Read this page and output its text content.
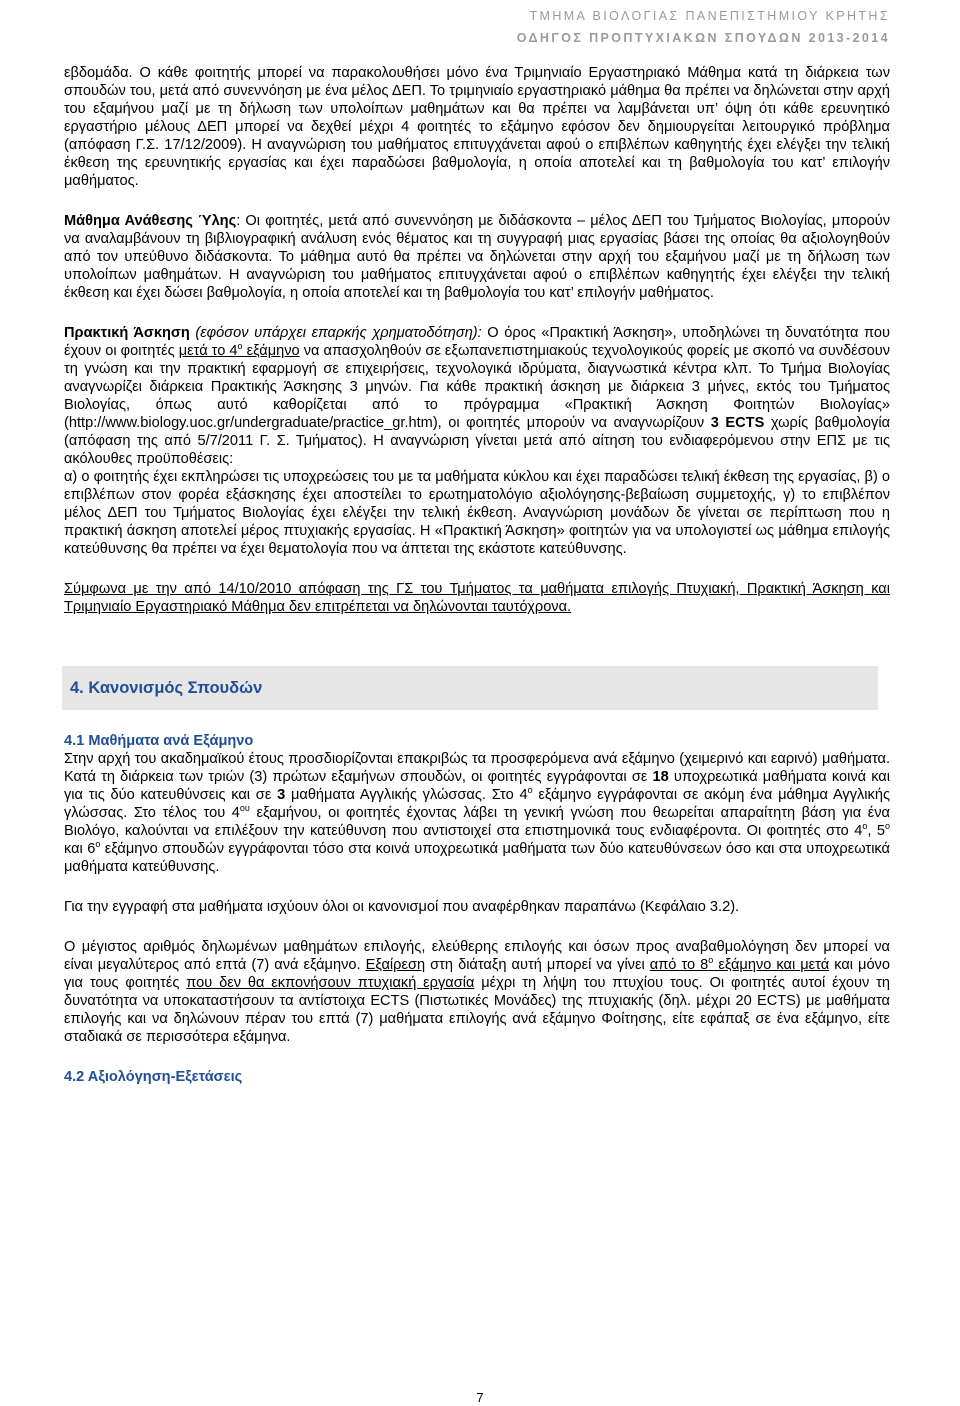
ΤΜΗΜΑ ΒΙΟΛΟΓΙΑΣ ΠΑΝΕΠΙΣΤΗΜΙΟΥ ΚΡΗΤΗΣ
ΟΔΗΓΟΣ ΠΡΟΠΤΥΧΙΑΚΩΝ ΣΠΟΥΔΩΝ 2013-2014

εβδομάδα. Ο κάθε φοιτητής μπορεί να παρακολουθήσει μόνο ένα Τριμηνιαίο Εργαστηριακό Μάθημα κατά τη διάρκεια των σπουδών του, μετά από συνεννόηση με ένα μέλος ΔΕΠ. Το τριμηνιαίο εργαστηριακό μάθημα θα πρέπει να δηλώνεται στην αρχή του εξαμήνου μαζί με τη δήλωση των υπολοίπων μαθημάτων και θα πρέπει να λαμβάνεται υπ’ όψη ότι κάθε ερευνητικό εργαστήριο μέλους ΔΕΠ μπορεί να δεχθεί μέχρι 4 φοιτητές το εξάμηνο εφόσον δεν δημιουργείται λειτουργικό πρόβλημα (απόφαση Γ.Σ. 17/12/2009). Η αναγνώριση του μαθήματος επιτυγχάνεται αφού ο επιβλέπων καθηγητής έχει ελέγξει την τελική έκθεση της ερευνητικής εργασίας και έχει παραδώσει βαθμολογία, η οποία αποτελεί και τη βαθμολογία του κατ’ επιλογήν μαθήματος.

Μάθημα Ανάθεσης Ύλης: Οι φοιτητές, μετά από συνεννόηση με διδάσκοντα – μέλος ΔΕΠ του Τμήματος Βιολογίας, μπορούν να αναλαμβάνουν τη βιβλιογραφική ανάλυση ενός θέματος και τη συγγραφή μιας εργασίας βάσει της οποίας θα αξιολογηθούν από τον υπεύθυνο διδάσκοντα. Το μάθημα αυτό θα πρέπει να δηλώνεται στην αρχή του εξαμήνου μαζί με τη δήλωση των υπολοίπων μαθημάτων. Η αναγνώριση του μαθήματος επιτυγχάνεται αφού ο επιβλέπων καθηγητής έχει ελέγξει την τελική έκθεση και έχει δώσει βαθμολογία, η οποία αποτελεί και τη βαθμολογία του κατ’ επιλογήν μαθήματος.

Πρακτική Άσκηση (εφόσον υπάρχει επαρκής χρηματοδότηση): Ο όρος «Πρακτική Άσκηση», υποδηλώνει τη δυνατότητα που έχουν οι φοιτητές μετά το $4^o$ εξάμηνο να απασχοληθούν σε εξωπανεπιστημιακούς τεχνολογικούς φορείς με σκοπό να συνδέσουν τη γνώση και την πρακτική εφαρμογή σε επιχειρήσεις, τεχνολογικά ιδρύματα, διαγνωστικά κέντρα κλπ. Το Τμήμα Βιολογίας αναγνωρίζει διάρκεια Πρακτικής Άσκησης 3 μηνών. Για κάθε πρακτική άσκηση με διάρκεια 3 μήνες, εκτός του Τμήματος Βιολογίας, όπως αυτό καθορίζεται από το πρόγραμμα «Πρακτική Άσκηση Φοιτητών Βιολογίας» (http://www.biology.uoc.gr/undergraduate/practice_gr.htm), οι φοιτητές μπορούν να αναγνωρίζουν 3 ECTS χωρίς βαθμολογία (απόφαση της από 5/7/2011 Γ. Σ. Τμήματος). Η αναγνώριση γίνεται μετά από αίτηση του ενδιαφερόμενου στην ΕΠΣ με τις ακόλουθες προϋποθέσεις:

α) ο φοιτητής έχει εκπληρώσει τις υποχρεώσεις του με τα μαθήματα κύκλου και έχει παραδώσει τελική έκθεση της εργασίας, β) ο επιβλέπων στον φορέα εξάσκησης έχει αποστείλει το ερωτηματολόγιο αξιολόγησης-βεβαίωση συμμετοχής, γ) το επιβλέπον μέλος ΔΕΠ του Τμήματος Βιολογίας έχει ελέγξει την τελική έκθεση. Αναγνώριση μονάδων δε γίνεται σε περίπτωση που η πρακτική άσκηση αποτελεί μέρος πτυχιακής εργασίας. Η «Πρακτική Άσκηση» φοιτητών για να υπολογιστεί ως μάθημα επιλογής κατεύθυνσης θα πρέπει να έχει θεματολογία που να άπτεται της εκάστοτε κατεύθυνσης.

Σύμφωνα με την από 14/10/2010 απόφαση της ΓΣ του Τμήματος τα μαθήματα επιλογής Πτυχιακή, Πρακτική Άσκηση και Τριμηνιαίο Εργαστηριακό Μάθημα δεν επιτρέπεται να δηλώνονται ταυτόχρονα.

4. Κανονισμός Σπουδών
4.1 Μαθήματα ανά Εξάμηνο

Στην αρχή του ακαδημαϊκού έτους προσδιορίζονται επακριβώς τα προσφερόμενα ανά εξάμηνο (χειμερινό και εαρινό) μαθήματα. Κατά τη διάρκεια των τριών (3) πρώτων εξαμήνων σπουδών, οι φοιτητές εγγράφονται σε 18 υποχρεωτικά μαθήματα κοινά και για τις δύο κατευθύνσεις και σε 3 μαθήματα Αγγλικής γλώσσας. Στο $4^o$ εξάμηνο εγγράφονται σε ακόμη ένα μάθημα Αγγλικής γλώσσας. Στο τέλος του $4^{o\upsilon}$ εξαμήνου, οι φοιτητές έχοντας λάβει τη γενική γνώση που θεωρείται απαραίτητη βάση για ένα Βιολόγο, καλούνται να επιλέξουν την κατεύθυνση που αντιστοιχεί στα επιστημονικά τους ενδιαφέροντα. Οι φοιτητές στο $4^o$, $5^o$ και $6^o$ εξάμηνο σπουδών εγγράφονται τόσο στα κοινά υποχρεωτικά μαθήματα των δύο κατευθύνσεων όσο και στα υποχρεωτικά μαθήματα κατεύθυνσης.

Για την εγγραφή στα μαθήματα ισχύουν όλοι οι κανονισμοί που αναφέρθηκαν παραπάνω (Κεφάλαιο 3.2).

Ο μέγιστος αριθμός δηλωμένων μαθημάτων επιλογής, ελεύθερης επιλογής και όσων προς αναβαθμολόγηση δεν μπορεί να είναι μεγαλύτερος από επτά (7) ανά εξάμηνο. Εξαίρεση στη διάταξη αυτή μπορεί να γίνει από το $8^o$ εξάμηνο και μετά και μόνο για τους φοιτητές που δεν θα εκπονήσουν πτυχιακή εργασία μέχρι τη λήψη του πτυχίου τους. Οι φοιτητές αυτοί έχουν τη δυνατότητα να υποκαταστήσουν τα αντίστοιχα ECTS (Πιστωτικές Μονάδες) της πτυχιακής (δηλ. μέχρι 20 ECTS) με μαθήματα επιλογής και να δηλώνουν πέραν του επτά (7) μαθήματα επιλογής ανά εξάμηνο Φοίτησης, είτε εφάπαξ σε ένα εξάμηνο, είτε σταδιακά σε περισσότερα εξάμηνα.

4.2 Αξιολόγηση-Εξετάσεις
7
